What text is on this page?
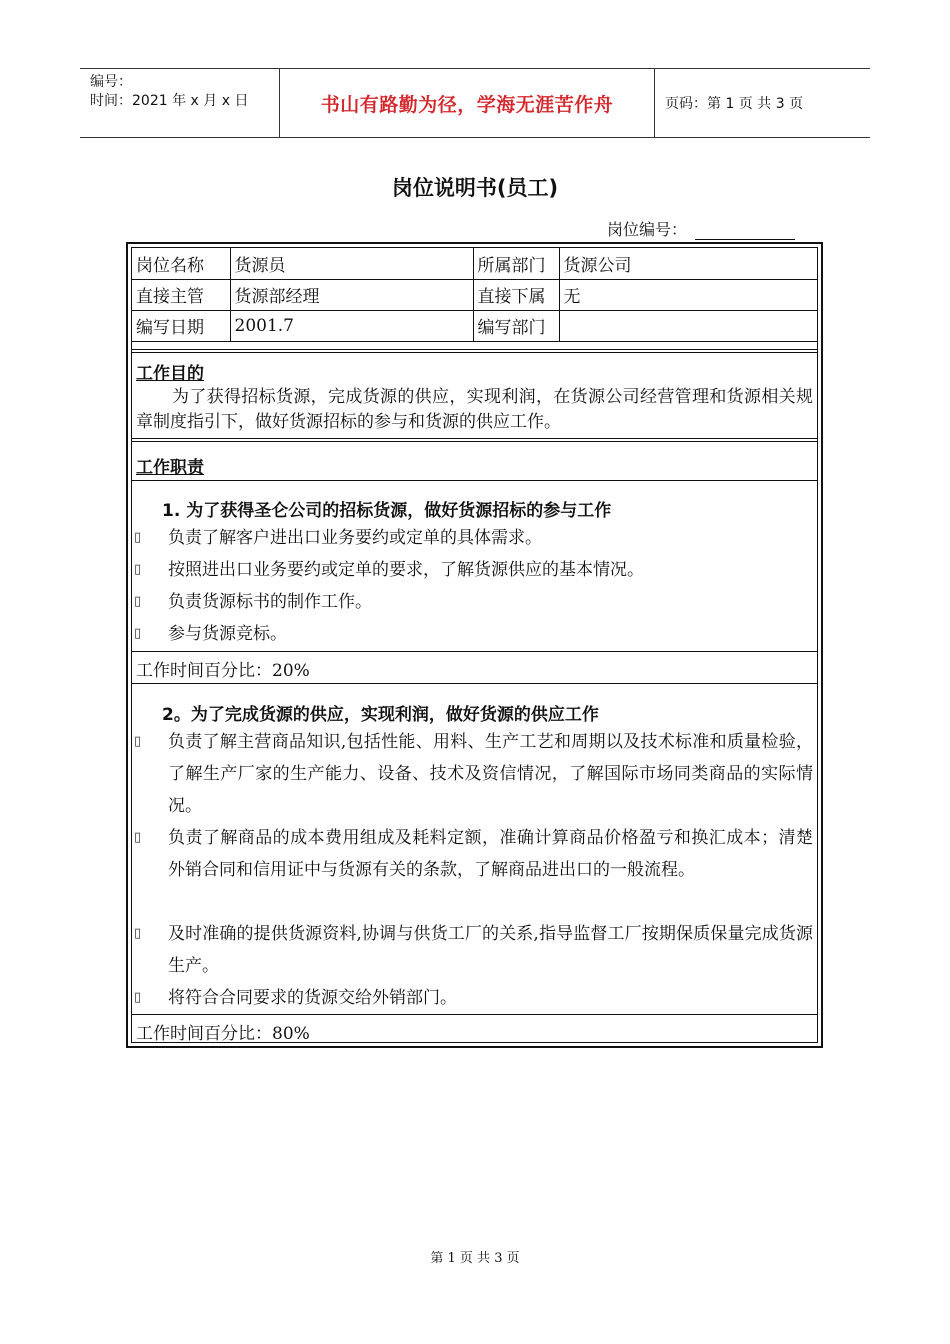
编号：
时间：2021 年 x 月 x 日	书山有路勤为径，学海无涯苦作舟	页码：第 1 页 共 3 页
岗位说明书(员工)
岗位编号：
岗位名称	货源员	所属部门	货源公司
直接主管	货源部经理	直接下属	无
编写日期	2001.7	编写部门	
工作目的
为了获得招标货源，完成货源的供应，实现利润，在货源公司经营管理和货源相关规章制度指引下，做好货源招标的参与和货源的供应工作。
工作职责
1. 为了获得圣仑公司的招标货源，做好货源招标的参与工作
▯	负责了解客户进出口业务要约或定单的具体需求。
▯	按照进出口业务要约或定单的要求，了解货源供应的基本情况。
▯	负责货源标书的制作工作。
▯	参与货源竞标。
工作时间百分比：20%
2。为了完成货源的供应，实现利润，做好货源的供应工作
▯	负责了解主营商品知识,包括性能、用料、生产工艺和周期以及技术标准和质量检验，了解生产厂家的生产能力、设备、技术及资信情况，了解国际市场同类商品的实际情况。
▯	负责了解商品的成本费用组成及耗料定额，准确计算商品价格盈亏和换汇成本；清楚外销合同和信用证中与货源有关的条款，了解商品进出口的一般流程。
▯	及时准确的提供货源资料,协调与供货工厂的关系,指导监督工厂按期保质保量完成货源生产。
▯	将符合合同要求的货源交给外销部门。
工作时间百分比：80%
第 1 页 共 3 页
